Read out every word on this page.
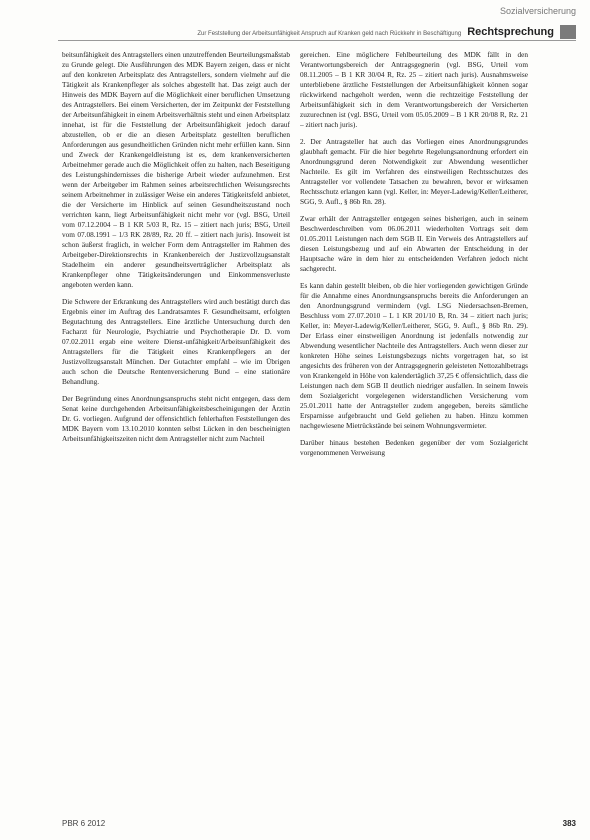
Sozialversicherung
Zur Feststellung der Arbeitsunfähigkeit Anspruch auf Kranken geld nach Rückkehr in Beschäftigung Rechtsprechung

beitsunfähigkeit des Antragstellers einen unzutreffenden Beurteilungsmaßstab zu Grunde gelegt. Die Ausführungen des MDK Bayern zeigen, dass er nicht auf den konkreten Arbeitsplatz des Antragstellers, sondern vielmehr auf die Tätigkeit als Krankenpfleger als solches abgestellt hat. Das zeigt auch der Hinweis des MDK Bayern auf die Möglichkeit einer beruflichen Umsetzung des Antragstellers. Bei einem Versicherten, der im Zeitpunkt der Feststellung der Arbeitsunfähigkeit in einem Arbeitsverhältnis steht und einen Arbeitsplatz innehat, ist für die Feststellung der Arbeitsunfähigkeit jedoch darauf abzustellen, ob er die an diesen Arbeitsplatz gestellten beruflichen Anforderungen aus gesundheitlichen Gründen nicht mehr erfüllen kann. Sinn und Zweck der Krankengeldleistung ist es, dem krankenversicherten Arbeitnehmer gerade auch die Möglichkeit offen zu halten, nach Beseitigung des Leistungshindernisses die bisherige Arbeit wieder aufzunehmen. Erst wenn der Arbeitgeber im Rahmen seines arbeitsrechtlichen Weisungsrechts seinem Arbeitnehmer in zulässiger Weise ein anderes Tätigkeitsfeld anbietet, die der Versicherte im Hinblick auf seinen Gesundheitszustand noch verrichten kann, liegt Arbeitsunfähigkeit nicht mehr vor (vgl. BSG, Urteil vom 07.12.2004 – B 1 KR 5/03 R, Rz. 15 – zitiert nach juris; BSG, Urteil vom 07.08.1991 – 1/3 RK 28/89, Rz. 20 ff. – zitiert nach juris). Insoweit ist schon äußerst fraglich, in welcher Form dem Antragsteller im Rahmen des Arbeitgeber-Direktionsrechts in Krankenbereich der Justizvollzugsanstalt Stadelheim ein anderer gesundheitsverträglicher Arbeitsplatz als Krankenpfleger ohne Tätigkeitsänderungen und Einkommensverluste angeboten werden kann.

Die Schwere der Erkrankung des Antragstellers wird auch bestätigt durch das Ergebnis einer im Auftrag des Landratsamtes F. Gesundheitsamt, erfolgten Begutachtung des Antragstellers. Eine ärztliche Untersuchung durch den Facharzt für Neurologie, Psychiatrie und Psychotherapie Dr. D. vom 07.02.2011 ergab eine weitere Dienst-unfähigkeit/Arbeitsunfähigkeit des Antragstellers für die Tätigkeit eines Krankenpflegers an der Justizvollzugsanstalt München. Der Gutachter empfahl – wie im Übrigen auch schon die Deutsche Rentenversicherung Bund – eine stationäre Behandlung.

Der Begründung eines Anordnungsanspruchs steht nicht entgegen, dass dem Senat keine durchgehenden Arbeitsunfähigkeitsbescheinigungen der Ärztin Dr. G. vorliegen. Aufgrund der offensichtlich fehlerhaften Feststellungen des MDK Bayern vom 13.10.2010 konnten selbst Lücken in den bescheinigten Arbeitsunfähigkeitszeiten nicht dem Antragsteller nicht zum Nachteil

gereichen. Eine möglichere Fehlbeurteilung des MDK fällt in den Verantwortungsbereich der Antragsgegnerin (vgl. BSG, Urteil vom 08.11.2005 – B 1 KR 30/04 R, Rz. 25 – zitiert nach juris). Ausnahmsweise unterbliebene ärztliche Feststellungen der Arbeitsunfähigkeit können sogar rückwirkend nachgeholt werden, wenn die rechtzeitige Feststellung der Arbeitsunfähigkeit sich in dem Verantwortungsbereich der Versicherten zuzurechnen ist (vgl. BSG, Urteil vom 05.05.2009 – B 1 KR 20/08 R, Rz. 21 – zitiert nach juris).

2. Der Antragsteller hat auch das Vorliegen eines Anordnungsgrundes glaubhaft gemacht. Für die hier begehrte Regelungsanordnung erfordert ein Anordnungsgrund deren Notwendigkeit zur Abwendung wesentlicher Nachteile. Es gilt im Verfahren des einstweiligen Rechtsschutzes des Antragsteller vor vollendete Tatsachen zu bewahren, bevor er wirksamen Rechtsschutz erlangen kann (vgl. Keller, in: Meyer-Ladewig/Keller/Leitherer, SGG, 9. Aufl., § 86b Rn. 28).

Zwar erhält der Antragsteller entgegen seines bisherigen, auch in seinem Beschwerdeschreiben vom 06.06.2011 wiederholten Vortrags seit dem 01.05.2011 Leistungen nach dem SGB II. Ein Verweis des Antragstellers auf diesen Leistungsbezug und auf ein Abwarten der Entscheidung in der Hauptsache wäre in dem hier zu entscheidenden Verfahren jedoch nicht sachgerecht.

Es kann dahin gestellt bleiben, ob die hier vorliegenden gewichtigen Gründe für die Annahme eines Anordnungsanspruchs bereits die Anforderungen an den Anordnungsgrund vermindern (vgl. LSG Niedersachsen-Bremen, Beschluss vom 27.07.2010 – L 1 KR 201/10 B, Rn. 34 – zitiert nach juris; Keller, in: Meyer-Ladewig/Keller/Leitherer, SGG, 9. Aufl., § 86b Rn. 29). Der Erlass einer einstweiligen Anordnung ist jedenfalls notwendig zur Abwendung wesentlicher Nachteile des Antragstellers. Auch wenn dieser zur konkreten Höhe seines Leistungsbezugs nichts vorgetragen hat, so ist angesichts des früheren von der Antragsgegnerin geleisteten Nettozahlbetrags von Krankengeld in Höhe von kalendertäglich 37,25 € offensichtlich, dass die Leistungen nach dem SGB II deutlich niedriger ausfallen. In seinem Inweis dem Sozialgericht vorgelegenen widerstandlichen Versicherung vom 25.01.2011 hatte der Antragsteller zudem angegeben, bereits sämtliche Ersparnisse aufgebraucht und Geld geliehen zu haben. Hinzu kommen nachgewiesene Mietrückstände bei seinem Wohnungsvermieter.

Darüber hinaus bestehen Bedenken gegenüber der vom Sozialgericht vorgenommenen Verweisung

PBR 6 2012	383
